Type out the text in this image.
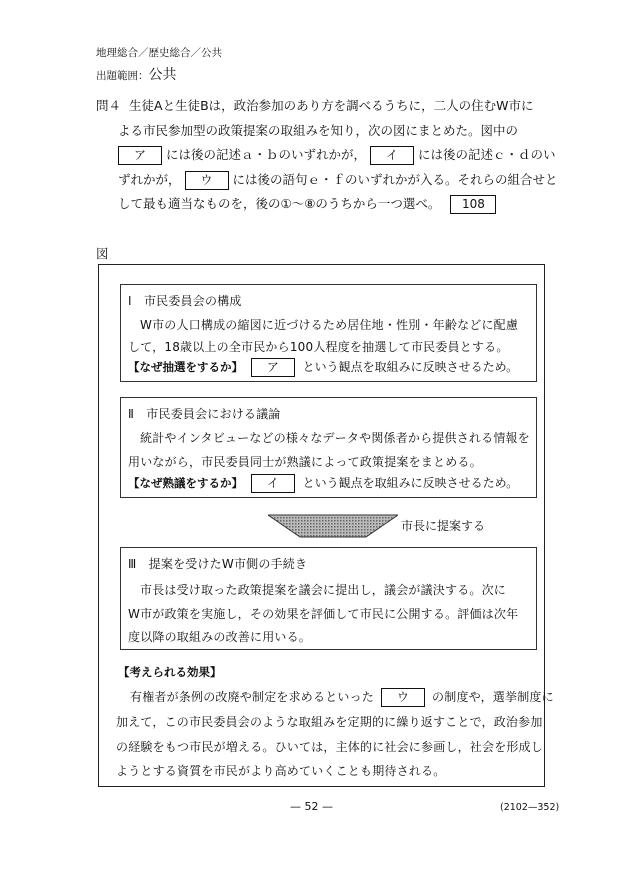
地理総合／歴史総合／公共
出題範囲：公共
問４ 生徒Aと生徒Bは，政治参加のあり方を調べるうちに，二人の住むW市に
よる市民参加型の政策提案の取組みを知り，次の図にまとめた。図中の
ア には後の記述ａ・ｂのいずれかが， イ には後の記述ｃ・ｄのい
ずれかが， ウ には後の語句ｅ・ｆのいずれかが入る。それらの組合せと
して最も適当なものを，後の①〜⑧のうちから一つ選べ。 108
図
Ⅰ　市民委員会の構成
W市の人口構成の縮図に近づけるため居住地・性別・年齢などに配慮
して，18歳以上の全市民から100人程度を抽選して市民委員とする。
【なぜ抽選をするか】 ア という観点を取組みに反映させるため。
Ⅱ　市民委員会における議論
統計やインタビューなどの様々なデータや関係者から提供される情報を
用いながら，市民委員同士が熟議によって政策提案をまとめる。
【なぜ熟議をするか】 イ という観点を取組みに反映させるため。
市長に提案する
Ⅲ　提案を受けたW市側の手続き
市長は受け取った政策提案を議会に提出し，議会が議決する。次に
W市が政策を実施し，その効果を評価して市民に公開する。評価は次年
度以降の取組みの改善に用いる。
【考えられる効果】
有権者が条例の改廃や制定を求めるといった ウ の制度や，選挙制度に
加えて，この市民委員会のような取組みを定期的に繰り返すことで，政治参加
の経験をもつ市民が増える。ひいては，主体的に社会に参画し，社会を形成し
ようとする資質を市民がより高めていくことも期待される。
— 52 —	(2102—352)
